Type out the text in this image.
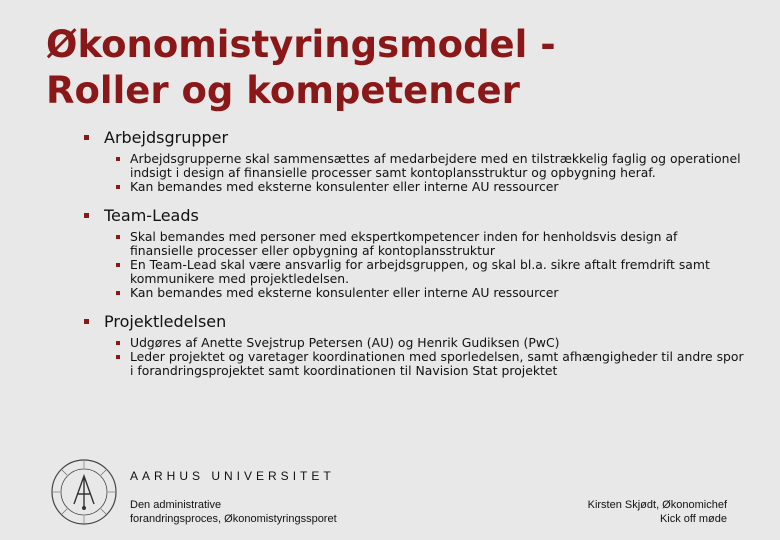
Økonomistyringsmodel -
Roller og kompetencer
Arbejdsgrupper
Arbejdsgrupperne skal sammensættes af medarbejdere med en tilstrækkelig faglig og operationel indsigt i design af finansielle processer samt kontoplansstruktur og opbygning heraf.
Kan bemandes med eksterne konsulenter eller interne AU ressourcer
Team-Leads
Skal bemandes med personer med ekspertkompetencer inden for henholdsvis design af finansielle processer eller opbygning af kontoplansstruktur
En Team-Lead skal være ansvarlig for arbejdsgruppen, og skal bl.a. sikre aftalt fremdrift samt kommunikere med projektledelsen.
Kan bemandes med eksterne konsulenter eller interne AU ressourcer
Projektledelsen
Udgøres af Anette Svejstrup Petersen (AU) og Henrik Gudiksen (PwC)
Leder projektet og varetager koordinationen med sporledelsen, samt afhængigheder til andre spor i forandringsprojektet samt koordinationen til Navision Stat projektet
AARHUS UNIVERSITET
Den administrative
forandringsproces, Økonomistyringssporet
Kirsten Skjødt, Økonomichef
Kick off møde
